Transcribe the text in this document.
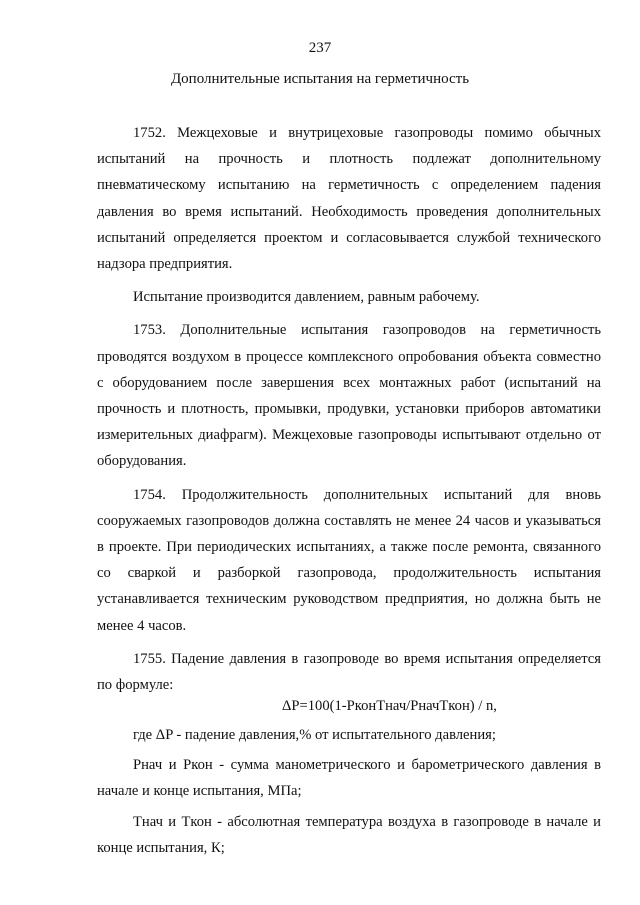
237
Дополнительные испытания на герметичность

1752. Межцеховые и внутрицеховые газопроводы помимо обычных испытаний на прочность и плотность подлежат дополнительному пневматическому испытанию на герметичность с определением падения давления во время испытаний. Необходимость проведения дополнительных испытаний определяется проектом и согласовывается службой технического надзора предприятия.

Испытание производится давлением, равным рабочему.

1753. Дополнительные испытания газопроводов на герметичность проводятся воздухом в процессе комплексного опробования объекта совместно с оборудованием после завершения всех монтажных работ (испытаний на прочность и плотность, промывки, продувки, установки приборов автоматики измерительных диафрагм). Межцеховые газопроводы испытывают отдельно от оборудования.

1754. Продолжительность дополнительных испытаний для вновь сооружаемых газопроводов должна составлять не менее 24 часов и указываться в проекте. При периодических испытаниях, а также после ремонта, связанного со сваркой и разборкой газопровода, продолжительность испытания устанавливается техническим руководством предприятия, но должна быть не менее 4 часов.

1755. Падение давления в газопроводе во время испытания определяется по формуле:

ΔP=100(1-PконTнач/PначTкон) / n,

где ΔP - падение давления,% от испытательного давления;

Pнач и Pкон - сумма манометрического и барометрического давления в начале и конце испытания, МПа;

Tнач и Tкон - абсолютная температура воздуха в газопроводе в начале и конце испытания, К;
